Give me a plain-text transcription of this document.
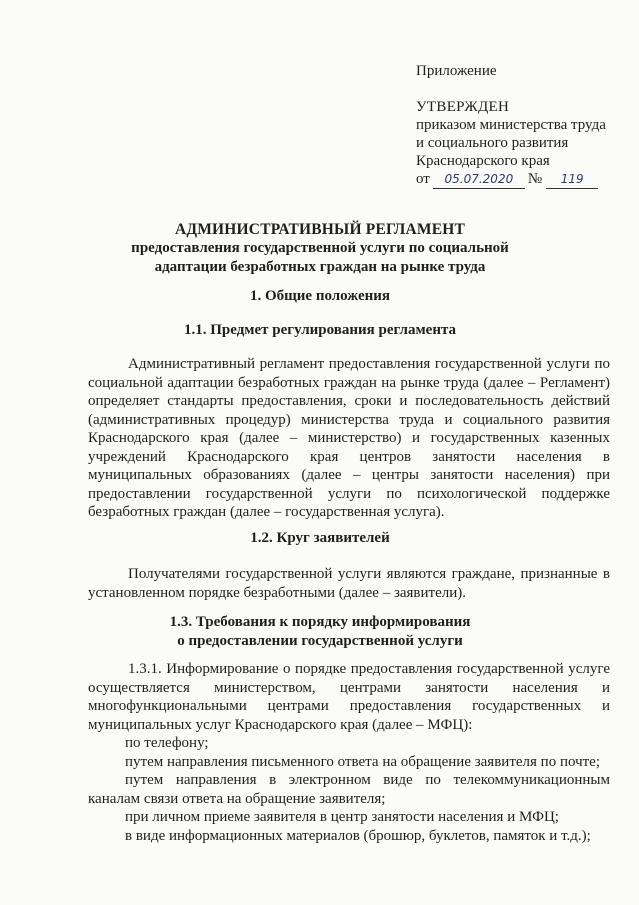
Приложение

УТВЕРЖДЕН

приказом министерства труда

и социального развития

Краснодарского края

от 05.07.2020 № 119

АДМИНИСТРАТИВНЫЙ РЕГЛАМЕНТ
предоставления государственной услуги по социальной
адаптации безработных граждан на рынке труда
1. Общие положения
1.1. Предмет регулирования регламента

Административный регламент предоставления государственной услуги по социальной адаптации безработных граждан на рынке труда (далее – Регламент) определяет стандарты предоставления, сроки и последовательность действий (административных процедур) министерства труда и социального развития Краснодарского края (далее – министерство) и государственных казенных учреждений Краснодарского края центров занятости населения в муниципальных образованиях (далее – центры занятости населения) при предоставлении государственной услуги по психологической поддержке безработных граждан (далее – государственная услуга).

1.2. Круг заявителей

Получателями государственной услуги являются граждане, признанные в установленном порядке безработными (далее – заявители).

1.3. Требования к порядку информирования
о предоставлении государственной услуги

1.3.1. Информирование о порядке предоставления государственной услуге осуществляется министерством, центрами занятости населения и многофункциональными центрами предоставления государственных и муниципальных услуг Краснодарского края (далее – МФЦ):

по телефону;

путем направления письменного ответа на обращение заявителя по почте;

путем направления в электронном виде по телекоммуникационным каналам связи ответа на обращение заявителя;

при личном приеме заявителя в центр занятости населения и МФЦ;

в виде информационных материалов (брошюр, буклетов, памяток и т.д.);
